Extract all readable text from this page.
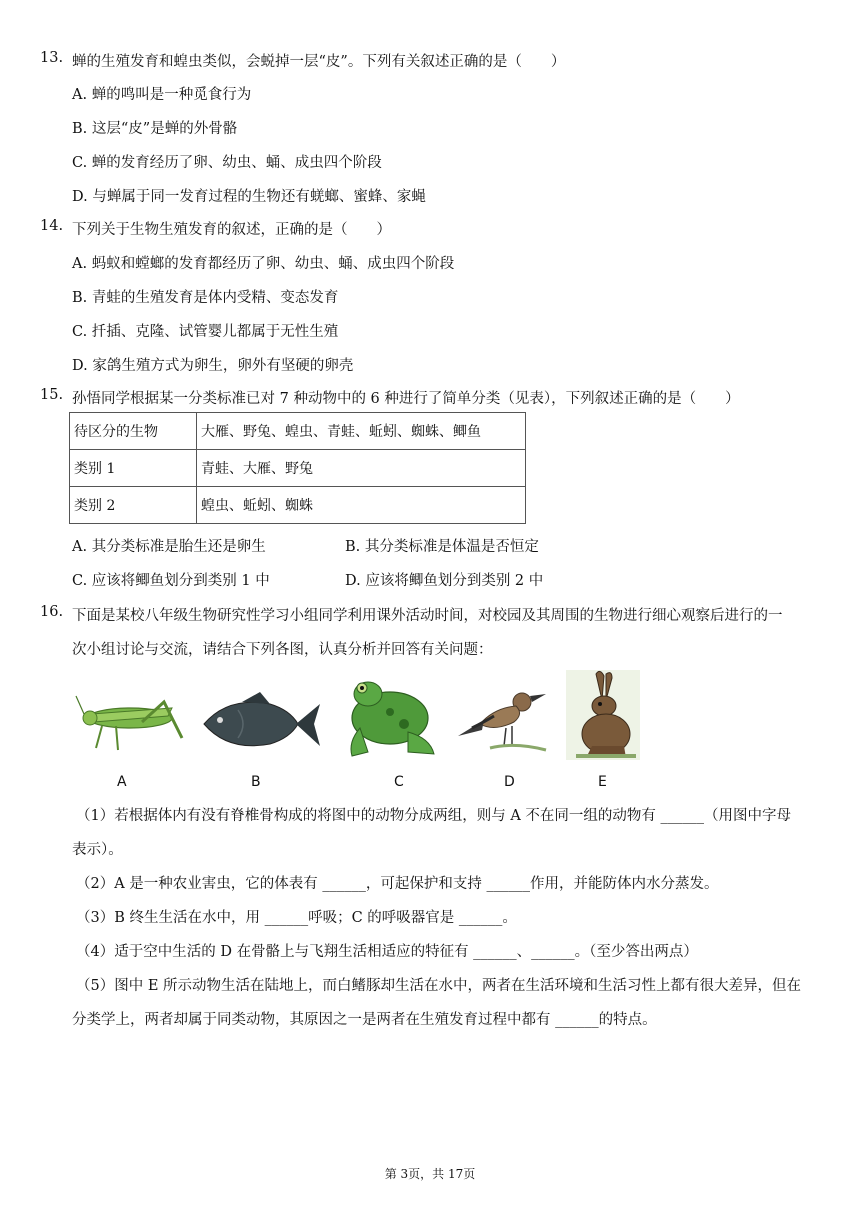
13. 蝉的生殖发育和蝗虫类似，会蜕掉一层“皮”。下列有关叙述正确的是（　　）
A. 蝉的鸣叫是一种觅食行为
B. 这层“皮”是蝉的外骨骼
C. 蝉的发育经历了卵、幼虫、蛹、成虫四个阶段
D. 与蝉属于同一发育过程的生物还有蜣螂、蜜蜂、家蝇
14. 下列关于生物生殖发育的叙述，正确的是（　　）
A. 蚂蚁和螳螂的发育都经历了卵、幼虫、蛹、成虫四个阶段
B. 青蛙的生殖发育是体内受精、变态发育
C. 扦插、克隆、试管婴儿都属于无性生殖
D. 家鸽生殖方式为卵生，卵外有坚硬的卵壳
15. 孙悟同学根据某一分类标准已对 7 种动物中的 6 种进行了简单分类（见表），下列叙述正确的是（　　）
待区分的生物	大雁、野兔、蝗虫、青蛙、蚯蚓、蜘蛛、鲫鱼
类别 1	青蛙、大雁、野兔
类别 2	蝗虫、蚯蚓、蜘蛛
A. 其分类标准是胎生还是卵生	B. 其分类标准是体温是否恒定
C. 应该将鲫鱼划分到类别 1 中	D. 应该将鲫鱼划分到类别 2 中
16. 下面是某校八年级生物研究性学习小组同学利用课外活动时间，对校园及其周围的生物进行细心观察后进行的一
次小组讨论与交流，请结合下列各图，认真分析并回答有关问题：
A	B	C	D	E
（1）若根据体内有没有脊椎骨构成的将图中的动物分成两组，则与 A 不在同一组的动物有 ______（用图中字母
表示）。
（2）A 是一种农业害虫，它的体表有 ______，可起保护和支持 ______作用，并能防体内水分蒸发。
（3）B 终生生活在水中，用 ______呼吸；C 的呼吸器官是 ______。
（4）适于空中生活的 D 在骨骼上与飞翔生活相适应的特征有 ______、______。（至少答出两点）
（5）图中 E 所示动物生活在陆地上，而白鳍豚却生活在水中，两者在生活环境和生活习性上都有很大差异，但在
分类学上，两者却属于同类动物，其原因之一是两者在生殖发育过程中都有 ______的特点。
第 3页，共 17页
